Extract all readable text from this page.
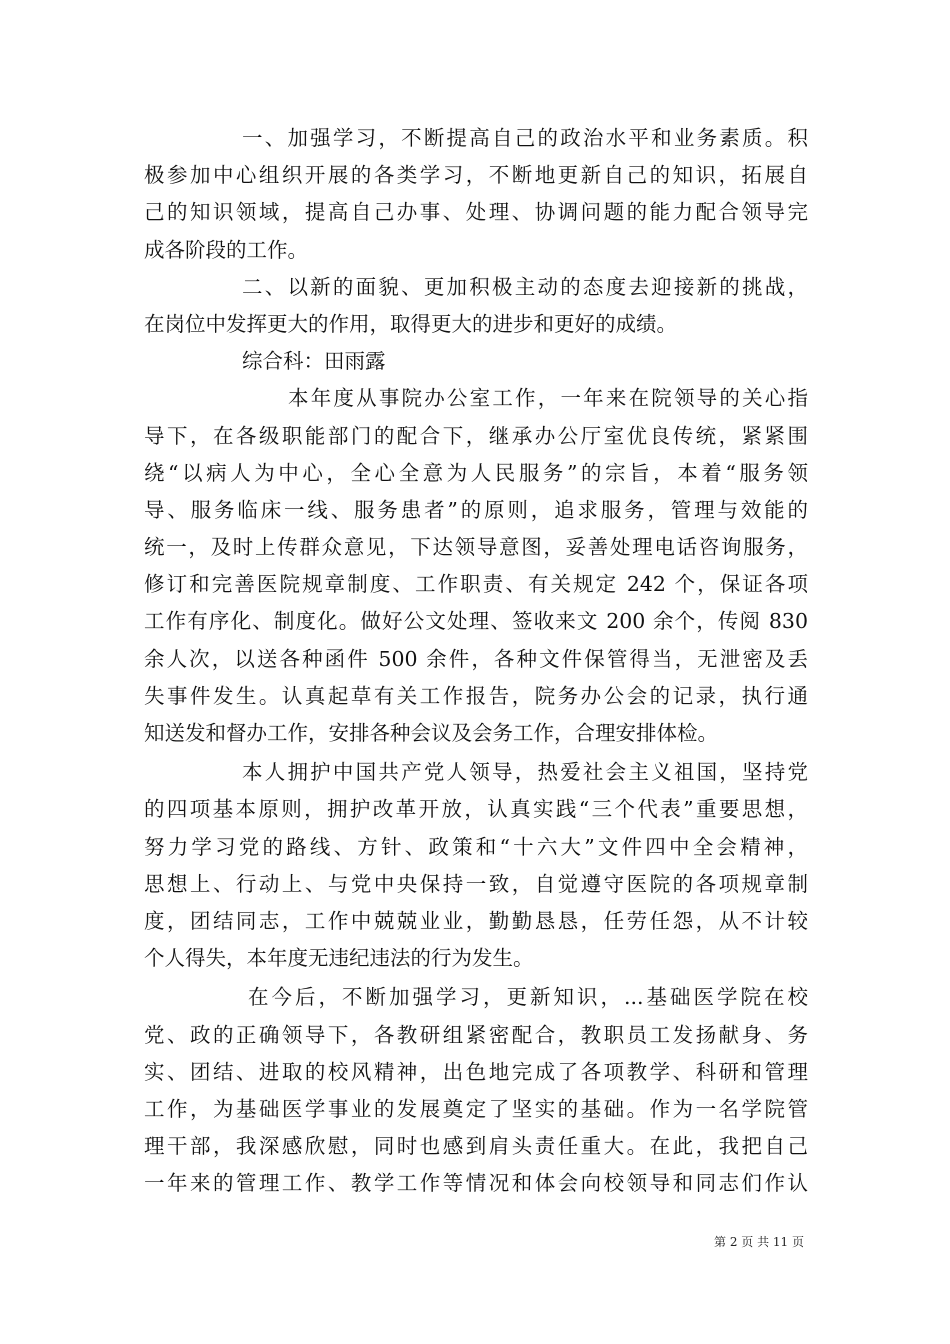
一、加强学习，不断提高自己的政治水平和业务素质。积
极参加中心组织开展的各类学习，不断地更新自己的知识，拓展自
己的知识领域，提高自己办事、处理、协调问题的能力配合领导完
成各阶段的工作。
二、以新的面貌、更加积极主动的态度去迎接新的挑战，
在岗位中发挥更大的作用，取得更大的进步和更好的成绩。
综合科：田雨露
本年度从事院办公室工作，一年来在院领导的关心指
导下，在各级职能部门的配合下，继承办公厅室优良传统，紧紧围
绕“以病人为中心，全心全意为人民服务”的宗旨，本着“服务领
导、服务临床一线、服务患者”的原则，追求服务，管理与效能的
统一，及时上传群众意见，下达领导意图，妥善处理电话咨询服务，
修订和完善医院规章制度、工作职责、有关规定 242 个，保证各项
工作有序化、制度化。做好公文处理、签收来文 200 余个，传阅 830
余人次，以送各种函件 500 余件，各种文件保管得当，无泄密及丢
失事件发生。认真起草有关工作报告，院务办公会的记录，执行通
知送发和督办工作，安排各种会议及会务工作，合理安排体检。
本人拥护中国共产党人领导，热爱社会主义祖国，坚持党
的四项基本原则，拥护改革开放，认真实践“三个代表”重要思想，
努力学习党的路线、方针、政策和“十六大”文件四中全会精神，
思想上、行动上、与党中央保持一致，自觉遵守医院的各项规章制
度，团结同志，工作中兢兢业业，勤勤恳恳，任劳任怨，从不计较
个人得失，本年度无违纪违法的行为发生。
在今后，不断加强学习，更新知识，...基础医学院在校
党、政的正确领导下，各教研组紧密配合，教职员工发扬献身、务
实、团结、进取的校风精神，出色地完成了各项教学、科研和管理
工作，为基础医学事业的发展奠定了坚实的基础。作为一名学院管
理干部，我深感欣慰，同时也感到肩头责任重大。在此，我把自己
一年来的管理工作、教学工作等情况和体会向校领导和同志们作认
第 2 页 共 11 页
